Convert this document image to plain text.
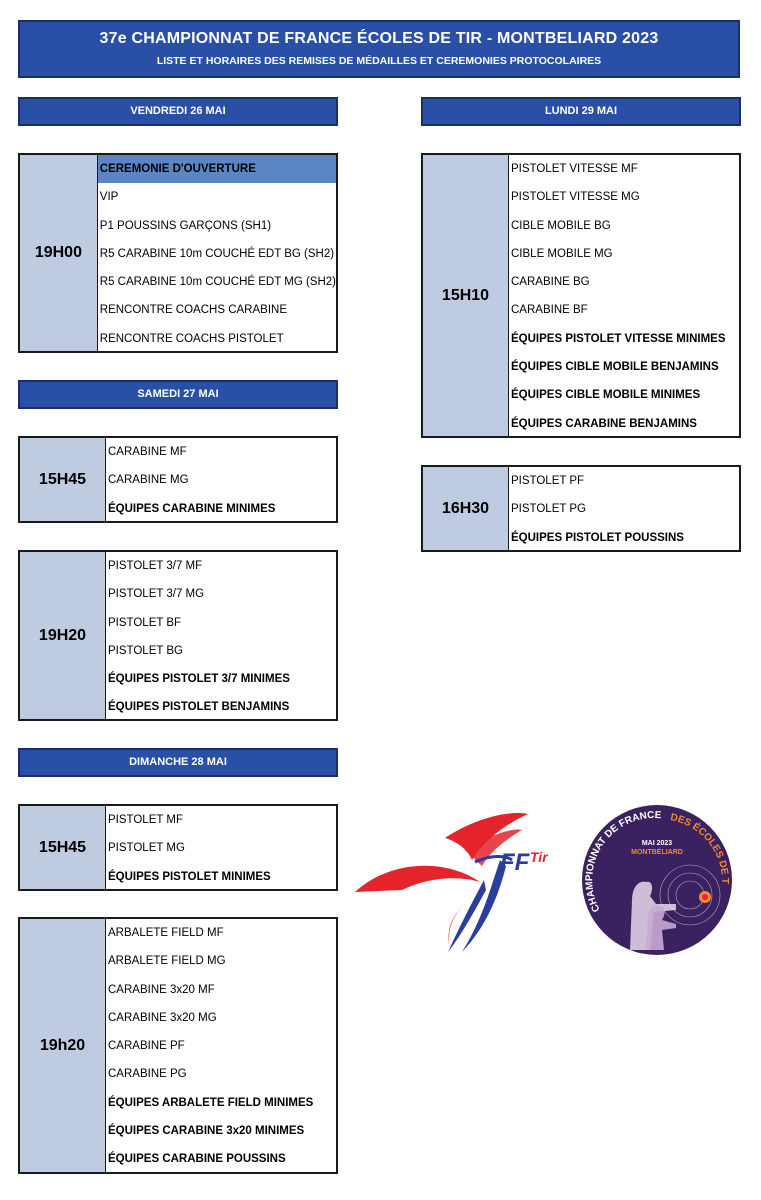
37e CHAMPIONNAT DE FRANCE ÉCOLES DE TIR - MONTBELIARD 2023
LISTE ET HORAIRES DES REMISES DE MÉDAILLES ET CEREMONIES PROTOCOLAIRES
VENDREDI 26 MAI	LUNDI 29 MAI
SAMEDI 27 MAI
DIMANCHE 28 MAI
19H00
CEREMONIE D'OUVERTURE
VIP
P1 POUSSINS GARÇONS (SH1)
R5 CARABINE 10m COUCHÉ EDT BG (SH2)
R5 CARABINE 10m COUCHÉ EDT MG (SH2)
RENCONTRE COACHS CARABINE
RENCONTRE COACHS PISTOLET
15H45
CARABINE MF
CARABINE MG
ÉQUIPES CARABINE MINIMES
19H20
PISTOLET 3/7 MF
PISTOLET 3/7 MG
PISTOLET BF
PISTOLET BG
ÉQUIPES PISTOLET 3/7 MINIMES
ÉQUIPES PISTOLET BENJAMINS
15H45
PISTOLET MF
PISTOLET MG
ÉQUIPES PISTOLET MINIMES
19h20
ARBALETE FIELD MF
ARBALETE FIELD MG
CARABINE 3x20 MF
CARABINE 3x20 MG
CARABINE PF
CARABINE PG
ÉQUIPES ARBALETE FIELD MINIMES
ÉQUIPES CARABINE 3x20 MINIMES
ÉQUIPES CARABINE POUSSINS
15H10
PISTOLET VITESSE MF
PISTOLET VITESSE MG
CIBLE MOBILE BG
CIBLE MOBILE MG
CARABINE BG
CARABINE BF
ÉQUIPES PISTOLET VITESSE MINIMES
ÉQUIPES CIBLE MOBILE BENJAMINS
ÉQUIPES CIBLE MOBILE MINIMES
ÉQUIPES CARABINE BENJAMINS
16H30
PISTOLET PF
PISTOLET PG
ÉQUIPES PISTOLET POUSSINS
FF Tir
CHAMPIONNAT DE FRANCE DES ÉCOLES DE T
MAI 2023
MONTBÉLIARD
